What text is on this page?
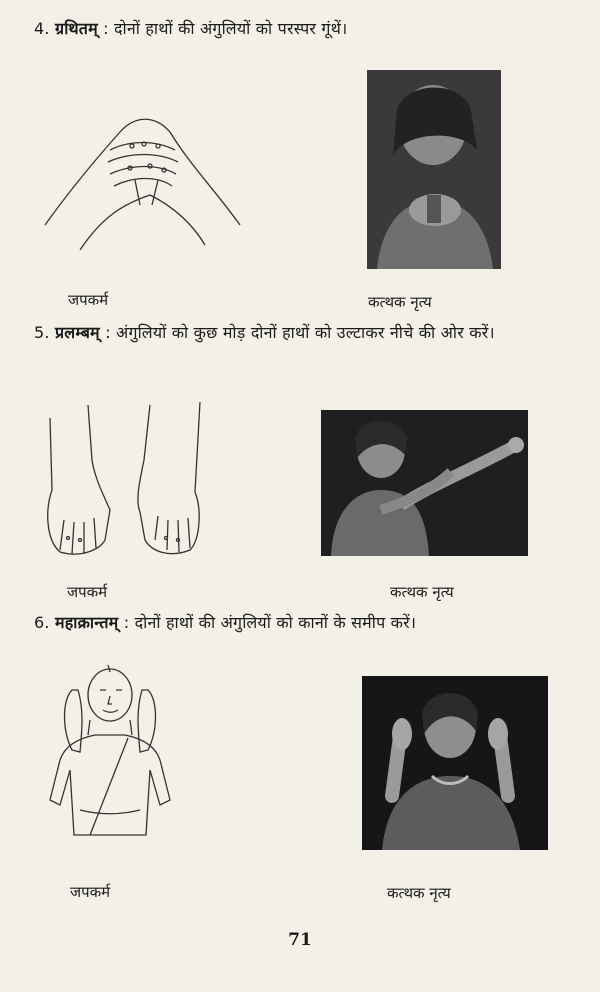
4. ग्रथितम् : दोनों हाथों की अंगुलियों को परस्पर गूंथें।
जपकर्म	कत्थक नृत्य
5. प्रलम्बम् : अंगुलियों को कुछ मोड़ दोनों हाथों को उल्टाकर नीचे की ओर करें।
जपकर्म	कत्थक नृत्य
6. महाक्रान्तम् : दोनों हाथों की अंगुलियों को कानों के समीप करें।
जपकर्म	कत्थक नृत्य
71
